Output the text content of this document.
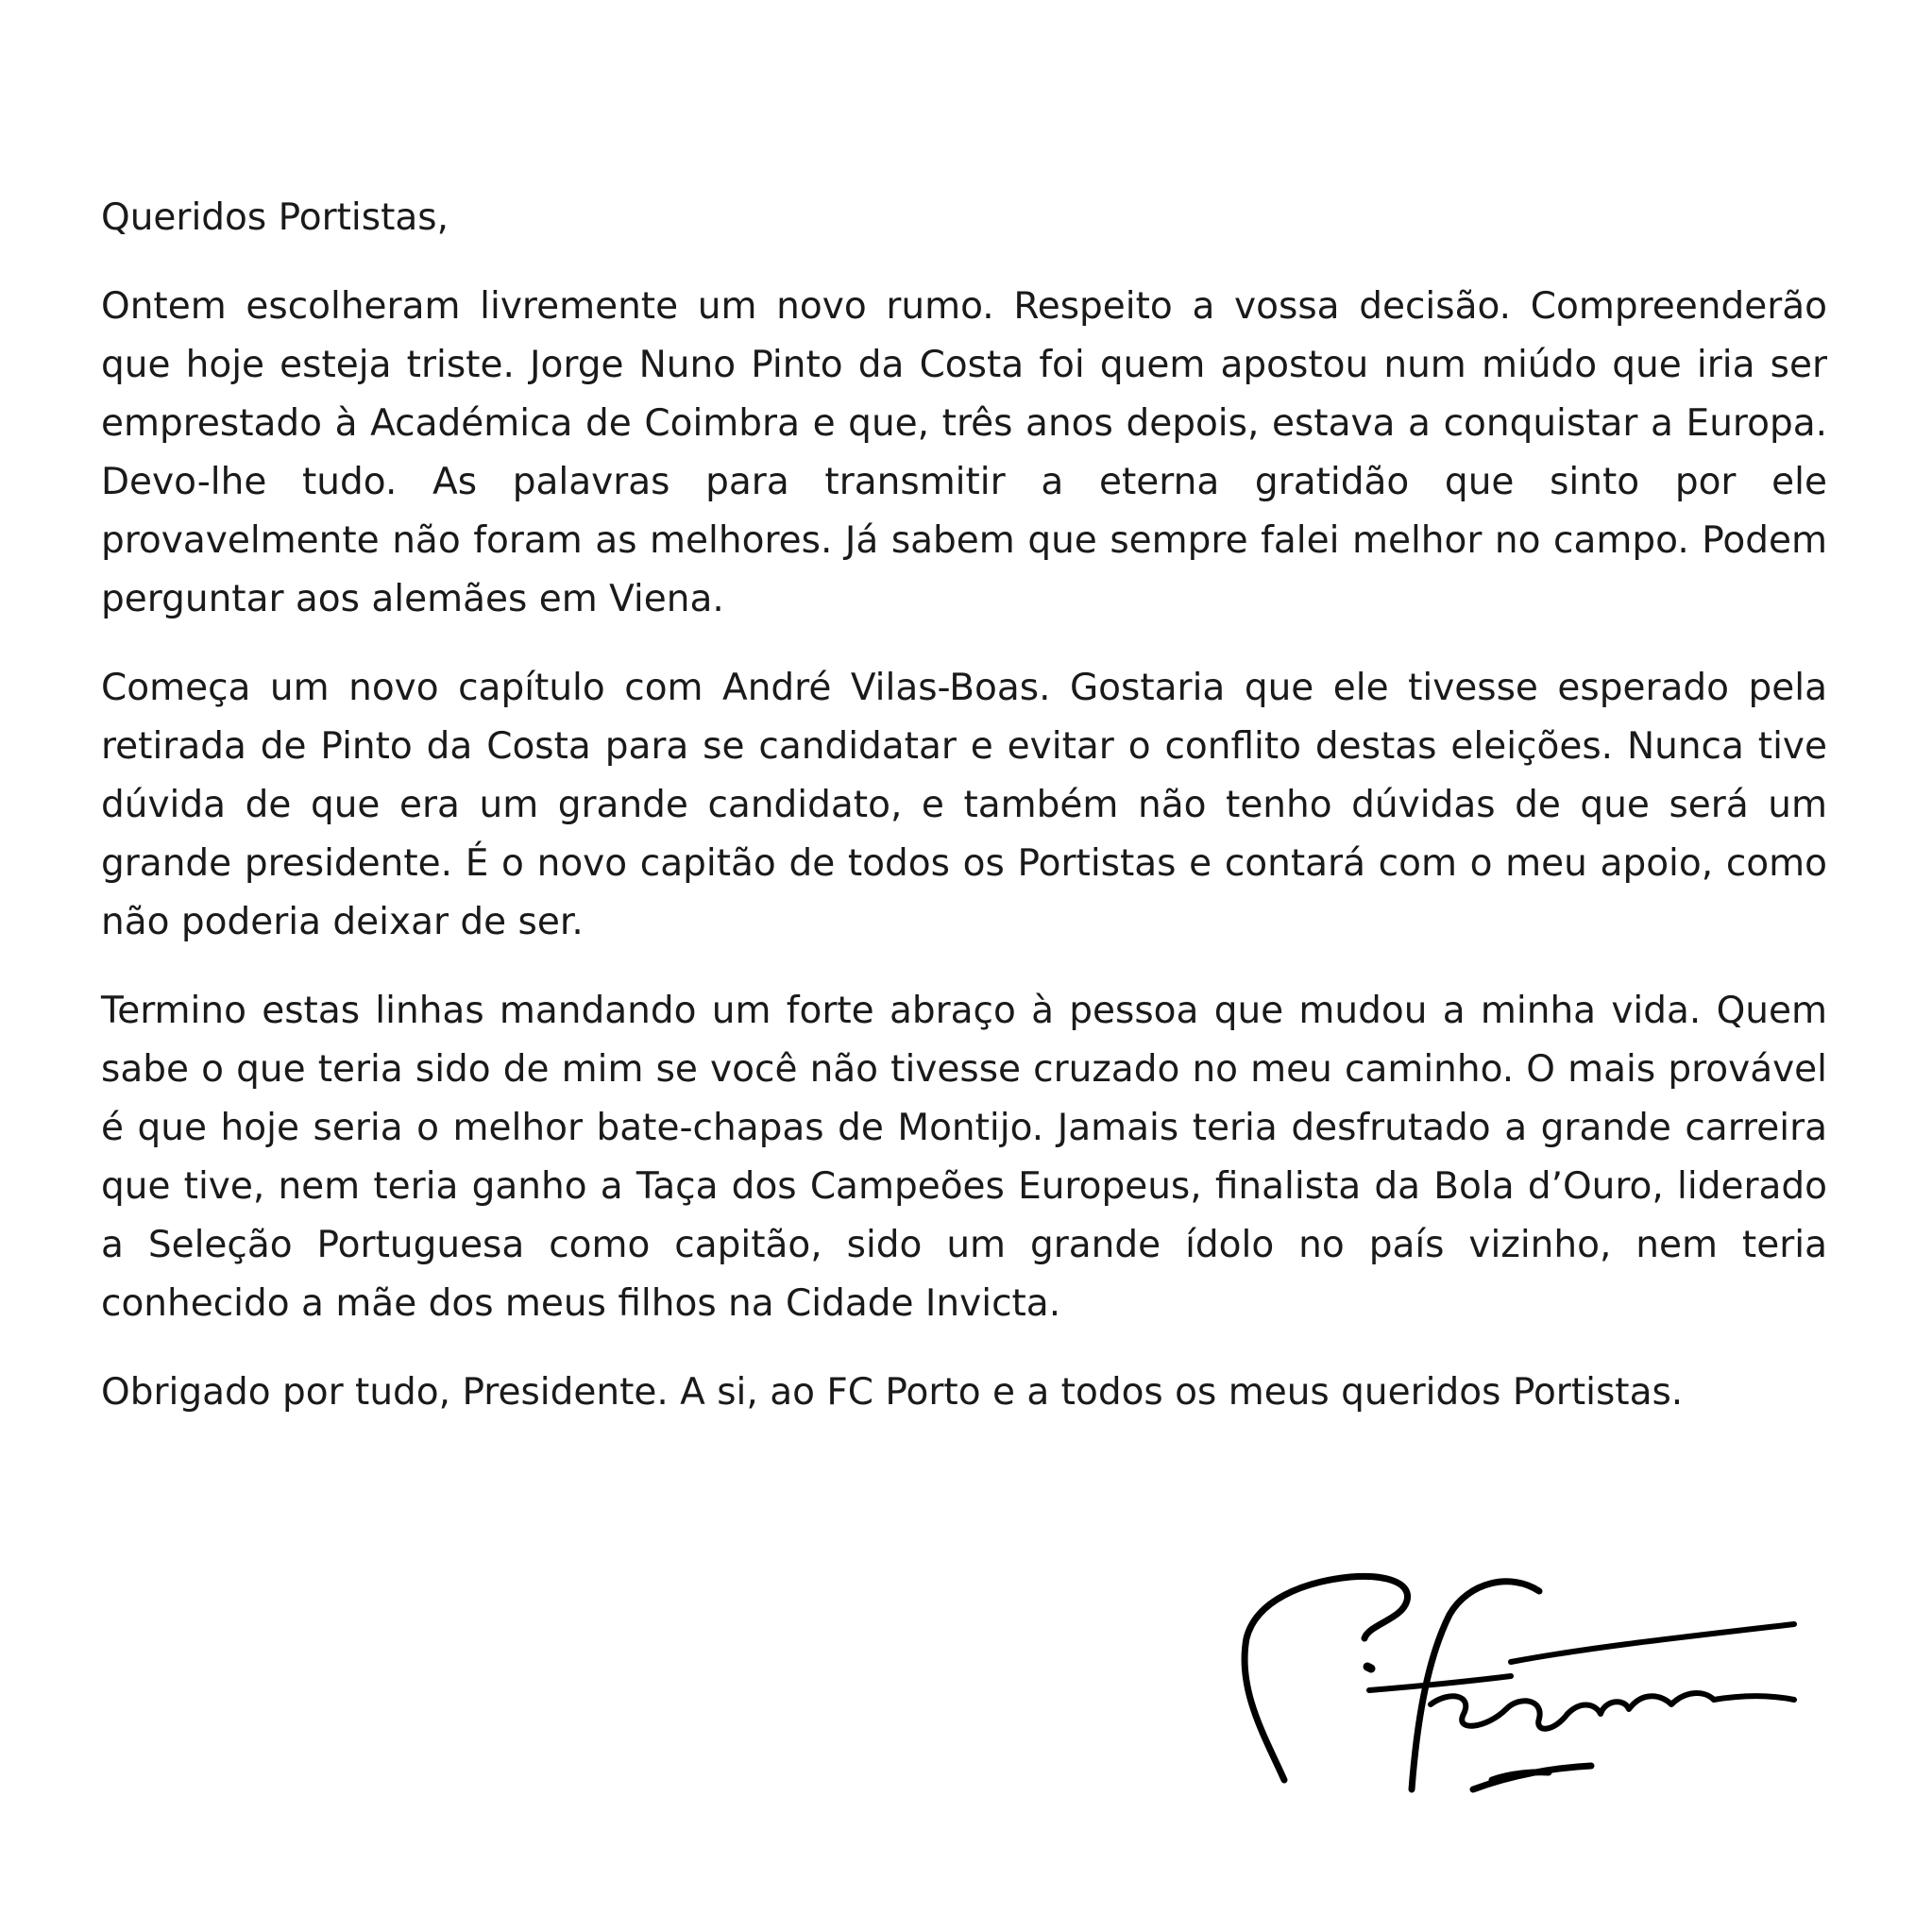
Queridos Portistas,

Ontem escolheram livremente um novo rumo. Respeito a vossa decisão. Compreenderão que hoje esteja triste. Jorge Nuno Pinto da Costa foi quem apostou num miúdo que iria ser emprestado à Académica de Coimbra e que, três anos depois, estava a conquistar a Europa. Devo-lhe tudo. As palavras para transmitir a eterna gratidão que sinto por ele provavelmente não foram as melhores. Já sabem que sempre falei melhor no campo. Podem perguntar aos alemães em Viena.

Começa um novo capítulo com André Vilas-Boas. Gostaria que ele tivesse esperado pela retirada de Pinto da Costa para se candidatar e evitar o conflito destas eleições. Nunca tive dúvida de que era um grande candidato, e também não tenho dúvidas de que será um grande presidente. É o novo capitão de todos os Portistas e contará com o meu apoio, como não poderia deixar de ser.

Termino estas linhas mandando um forte abraço à pessoa que mudou a minha vida. Quem sabe o que teria sido de mim se você não tivesse cruzado no meu caminho. O mais provável é que hoje seria o melhor bate-chapas de Montijo. Jamais teria desfrutado a grande carreira que tive, nem teria ganho a Taça dos Campeões Europeus, finalista da Bola d’Ouro, liderado a Seleção Portuguesa como capitão, sido um grande ídolo no país vizinho, nem teria conhecido a mãe dos meus filhos na Cidade Invicta.

Obrigado por tudo, Presidente. A si, ao FC Porto e a todos os meus queridos Portistas.
